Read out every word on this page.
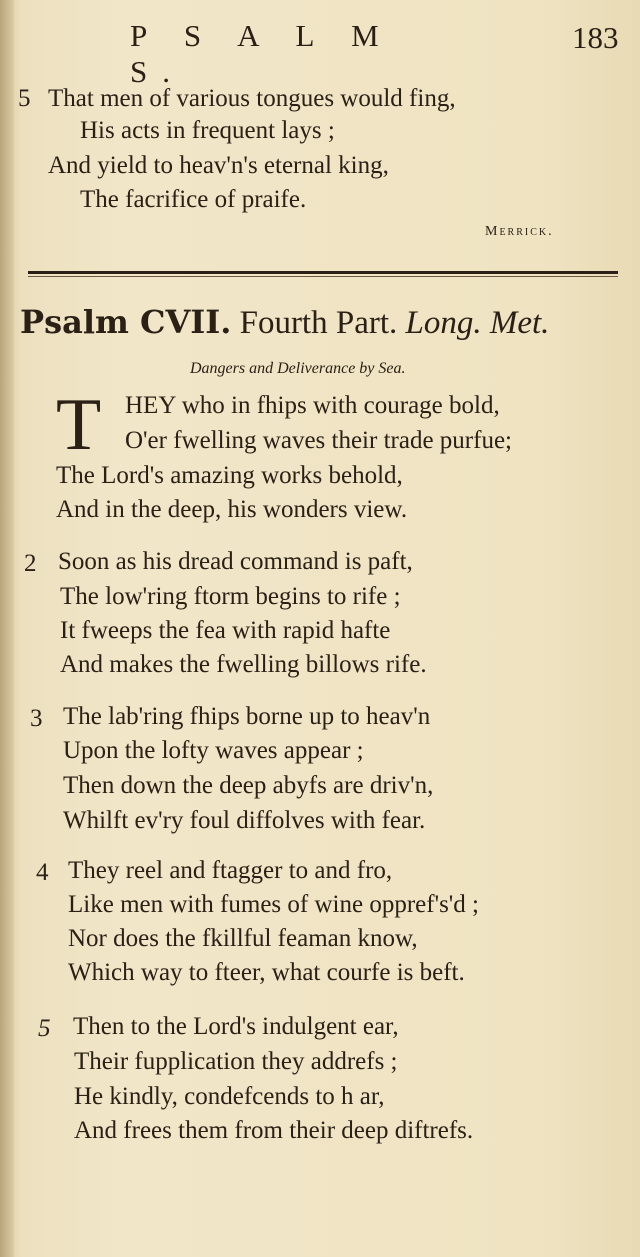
P S A L M S.
183
5 That men of various tongues would fing,
His acts in frequent lays ;
And yield to heav'n's eternal king,
The facrifice of praife.
Merrick.
Psalm CVII. Fourth Part. Long. Met.
Dangers and Deliverance by Sea.
T HEY who in fhips with courage bold,
O'er fwelling waves their trade purfue;
The Lord's amazing works behold,
And in the deep, his wonders view.
2 Soon as his dread command is paft,
The low'ring ftorm begins to rife ;
It fweeps the fea with rapid hafte
And makes the fwelling billows rife.
3 The lab'ring fhips borne up to heav'n
Upon the lofty waves appear ;
Then down the deep abyfs are driv'n,
Whilft ev'ry foul diffolves with fear.
4 They reel and ftagger to and fro,
Like men with fumes of wine oppref's'd ;
Nor does the fkillful feaman know,
Which way to fteer, what courfe is beft.
5 Then to the Lord's indulgent ear,
Their fupplication they addrefs ;
He kindly, condefcends to h ar,
And frees them from their deep diftrefs.
